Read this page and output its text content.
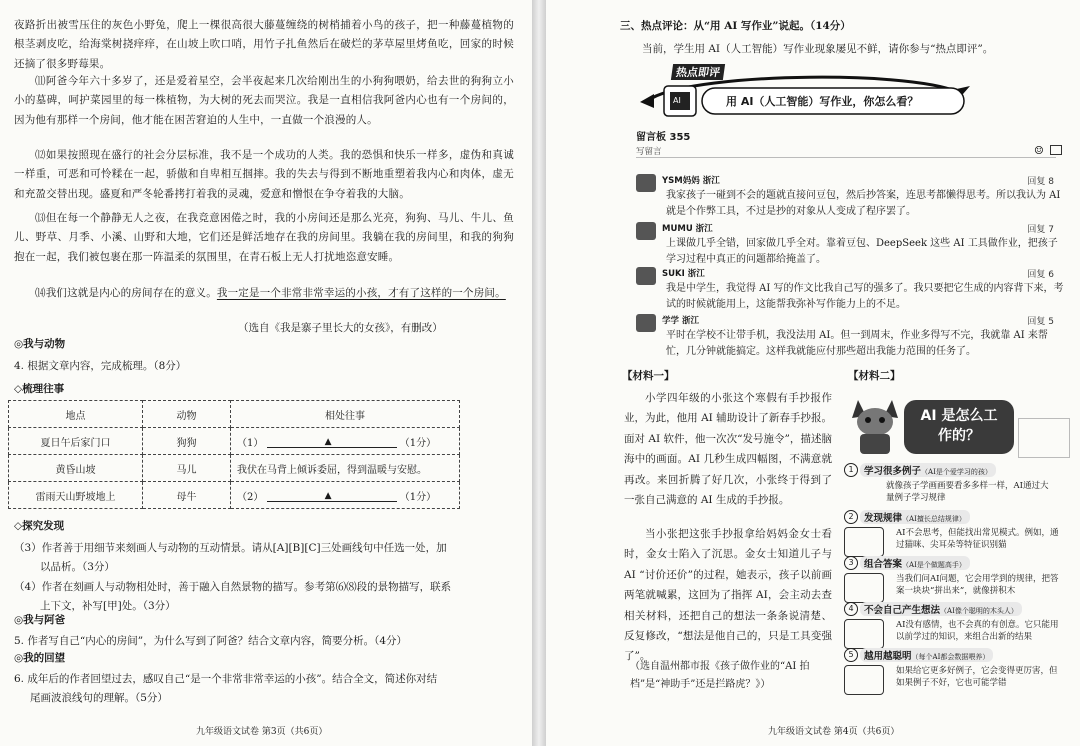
夜路折出被雪压住的灰色小野兔，爬上一棵很高很大藤蔓缠绕的树梢捕着小鸟的孩子，把一种藤蔓植物的根茎剥皮吃，给海棠树挠痒痒，在山坡上吹口哨，用竹子扎鱼然后在破烂的茅草屋里烤鱼吃，回家的时候还摘了很多野莓果。
⑾阿爸今年六十多岁了，还是爱着星空，会半夜起来几次给刚出生的小狗狗喂奶，给去世的狗狗立小小的墓碑，呵护菜园里的每一株植物，为大树的死去而哭泣。我是一直相信我阿爸内心也有一个房间的，因为他有那样一个房间，他才能在困苦窘迫的人生中，一直做一个浪漫的人。
⑿如果按照现在盛行的社会分层标准，我不是一个成功的人类。我的恐惧和快乐一样多，虚伪和真诚一样重，可恶和可怜糅在一起，骄傲和自卑相互掴摔。我的失去与得到不断地重塑着我内心和肉体，虚无和充盈交替出现。盛夏和严冬轮番拷打着我的灵魂，爱意和憎恨在争夺着我的大脑。
⒀但在每一个静静无人之夜，在我竞意困倦之时，我的小房间还是那么光亮，狗狗、马儿、牛儿、鱼儿、野草、月季、小溪、山野和大地，它们还是鲜活地存在我的房间里。我躺在我的房间里，和我的狗狗抱在一起，我们被包裹在那一阵温柔的氛围里，在青石板上无人打扰地恣意安睡。
⒁我们这就是内心的房间存在的意义。我一定是一个非常非常幸运的小孩，才有了这样的一个房间。
（选自《我是寨子里长大的女孩》，有删改）
◎我与动物
4. 根据文章内容，完成梳理。（8分）
◇梳理往事
地点	动物	相处往事
夏日午后家门口	狗狗	（1） ▲ （1分）
黄昏山坡	马儿	我伏在马背上倾诉委屈，得到温暖与安慰。
雷雨天山野坡地上	母牛	（2） ▲ （1分）
◇探究发现
（3）作者善于用细节来刻画人与动物的互动情景。请从[A][B][C]三处画线句中任选一处，加
以品析。（3分）
（4）作者在刻画人与动物相处时，善于融入自然景物的描写。参考第⑹⑻段的景物描写，联系
上下文，补写[甲]处。（3分）
◎我与阿爸
5. 作者写自己“内心的房间”，为什么写到了阿爸？结合文章内容，简要分析。（4分）
◎我的回望
6. 成年后的作者回望过去，感叹自己“是一个非常非常幸运的小孩”。结合全文，简述你对结
尾画波浪线句的理解。（5分）
九年级语文试卷 第3页（共6页）
三、热点评论：从“用 AI 写作业”说起。（14分）
当前，学生用 AI（人工智能）写作业现象屡见不鲜，请你参与“热点即评”。
热点即评
AI	用 AI（人工智能）写作业，你怎么看？
留言板 355
写留言	☺
YSM妈妈 浙江	回复 8
我家孩子一碰到不会的题就直接问豆包，然后抄答案，连思考都懒得思考。所以我认为 AI 就是个作弊工具，不过是抄的对象从人变成了程序罢了。
MUMU 浙江	回复 7
上课做几乎全错，回家做几乎全对。靠着豆包、DeepSeek 这些 AI 工具做作业，把孩子学习过程中真正的问题都给掩盖了。
SUKI 浙江	回复 6
我是中学生，我觉得 AI 写的作文比我自己写的强多了。我只要把它生成的内容背下来，考试的时候就能用上，这能帮我弥补写作能力上的不足。
学学 浙江	回复 5
平时在学校不让带手机，我没法用 AI。但一到周末，作业多得写不完，我就靠 AI 来帮忙，几分钟就能搞定。这样我就能应付那些超出我能力范围的任务了。
【材料一】	【材料二】
小学四年级的小张这个寒假有手抄报作业，为此，他用 AI 辅助设计了新春手抄报。面对 AI 软件，他一次次“发号施令”，描述脑海中的画面。AI 几秒生成四幅图，不满意就再改。来回折腾了好几次，小张终于得到了一张自己满意的 AI 生成的手抄报。
当小张把这张手抄报拿给妈妈金女士看时，金女士陷入了沉思。金女士知道儿子与 AI “讨价还价”的过程，她表示，孩子以前画两笔就喊累，这回为了指挥 AI，会主动去查相关材料，还把自己的想法一条条说清楚、反复修改，“想法是他自己的，只是工具变强了”。
（选自温州都市报《孩子做作业的“AI 拍档”是“神助手”还是拦路虎？》）
AI 是怎么工作的？
1	学习很多例子（AI是个爱学习的孩）
就像孩子学画画要看多多样一样，AI通过大量例子学习规律
2	发现规律（AI擅长总结规律）
AI不会思考，但能找出常见模式。例如，通过猫咪、尖耳朵等特征识别猫
3	组合答案（AI是个做题高手）
当我们问AI问题，它会用学到的规律，把答案一块块“拼出来”，就像拼积木
4	不会自己产生想法（AI像个聪明的木头人）
AI没有感情，也不会真的有创意。它只能用以前学过的知识，来组合出新的结果
5	越用越聪明（每个AI都会数据喂养）
如果给它更多好例子，它会变得更厉害，但如果例子不好，它也可能学错
九年级语文试卷 第4页（共6页）
